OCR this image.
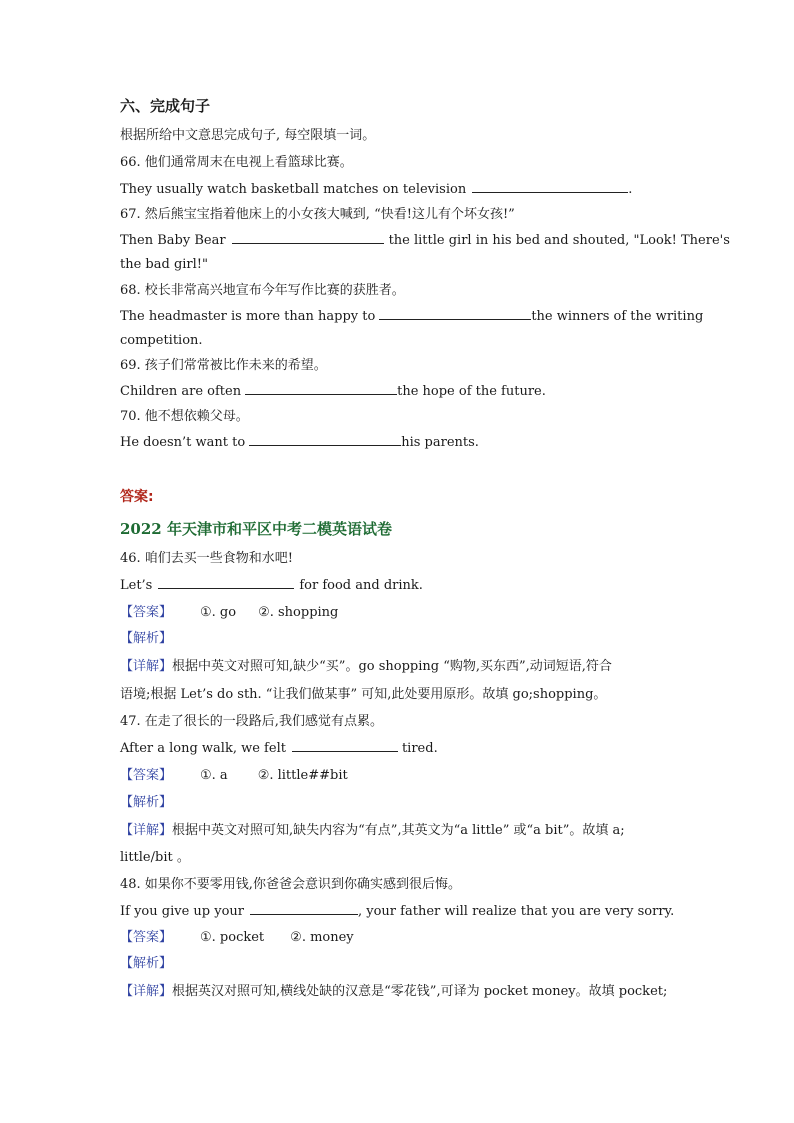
六、完成句子
根据所给中文意思完成句子, 每空限填一词。
66. 他们通常周末在电视上看篮球比赛。
They usually watch basketball matches on television	.
67. 然后熊宝宝指着他床上的小女孩大喊到, “快看!这儿有个坏女孩!”
Then Baby Bear	the little girl in his bed and shouted, "Look! There's
the bad girl!"
68. 校长非常高兴地宣布今年写作比赛的获胜者。
The headmaster is more than happy to	the winners of the writing
competition.
69. 孩子们常常被比作未来的希望。
Children are often	the hope of the future.
70. 他不想依赖父母。
He doesn’t want to	his parents.
答案:
2022 年天津市和平区中考二模英语试卷
46. 咱们去买一些食物和水吧!
Let’s	for food and drink.
【答案】 ①. go ②. shopping
【解析】
【详解】根据中英文对照可知,缺少“买”。go shopping “购物,买东西”,动词短语,符合
语境;根据 Let’s do sth. “让我们做某事” 可知,此处要用原形。故填 go;shopping。
47. 在走了很长的一段路后,我们感觉有点累。
After a long walk, we felt	tired.
【答案】 ①. a ②. little##bit
【解析】
【详解】根据中英文对照可知,缺失内容为“有点”,其英文为“a little” 或“a bit”。故填 a;
little/bit 。
48. 如果你不要零用钱,你爸爸会意识到你确实感到很后悔。
If you give up your	, your father will realize that you are very sorry.
【答案】 ①. pocket ②. money
【解析】
【详解】根据英汉对照可知,横线处缺的汉意是“零花钱”,可译为 pocket money。故填 pocket;
